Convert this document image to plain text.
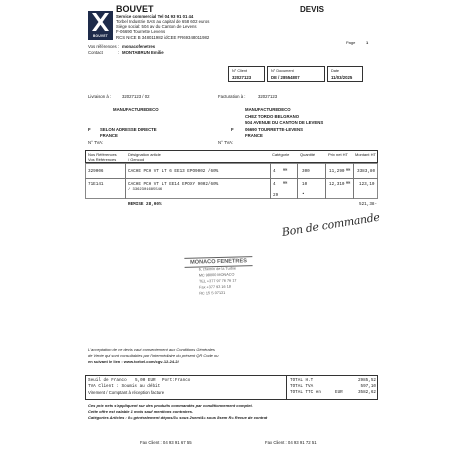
BOUVET
BOUVET
Service commercial Tel 04 93 91 01 44
Torbel Industrie SAS au capital de 658 602 euros
Siège social: 504 av du Canton de Levens
F-06690 Tourrette Levens
RCS NICE B 348011982 idCEE FR69348011982
DEVIS
Page	1
Vos références : monacofenetres
Contact	: MONTABRUN Emilie
N° Client
32027123
N° Document
DE / 28554807
Date
11/03/2025
Livraison à :	32027123 / 02	Facturation à :	32027123
MANUFACTUREDECO
F SELON ADRESSE DIRECTE
FRANCE
N° TVA:
MANUFACTUREDECO
CHEZ TORDO BELGRANO
504 AVENUE DU CANTON DE LEVENS
F	06690 TOURRETTE-LEVENS
FRANCE
N° TVA:
Nos Références
Vos Références
Désignation article
/ Gencod
Catégorie	Quantité	Prix net HT Montant HT
329006	CACHE PCH VT LT 6 EE13 EPO9002 /60%	4 MM	300	11,290 MM 3383,80
71E141	CACHE PCH VT LT EE14 EPOXY 9002/60%	4 MM	10	12,310 MM 123,10
/ 3362301685546
29	•
REMISE 28,00%	521,38-
Bon de commande
MONACO FENETRES
6, chemin de la Turbie
MC 98000 MONACO
TEL +377 97 76 76 17
Fax +377 93 16 18
RC 15 S 07131
L'acceptation de ce devis vaut consentement aux Conditions Générales
de Vente qui sont consultables par l'intermédiaire du présent QR Code ou
en suivant le lien : www.torbel.com/cgv-12-24-2/
Seuil de Franco 5,00 EUR Port:Franco
TVA Client : Soumis au débit
Virement / Comptant à réception facture
TOTAL H.T	2985,52
TOTAL TVA	597,10
TOTAL TTC en	EUR	3582,62
Ces prix nets s'appliquent sur des produits commandés par conditionnement complet.
Cette offre est valable 1 mois sauf mentions contraires.
Catégories Articles : 0= généralement dépos/3= sous 2sem/4= sous 8sem R= Revue de contrat
Fax Client : 04 93 91 67 55	Fax Client : 04 93 91 72 51
